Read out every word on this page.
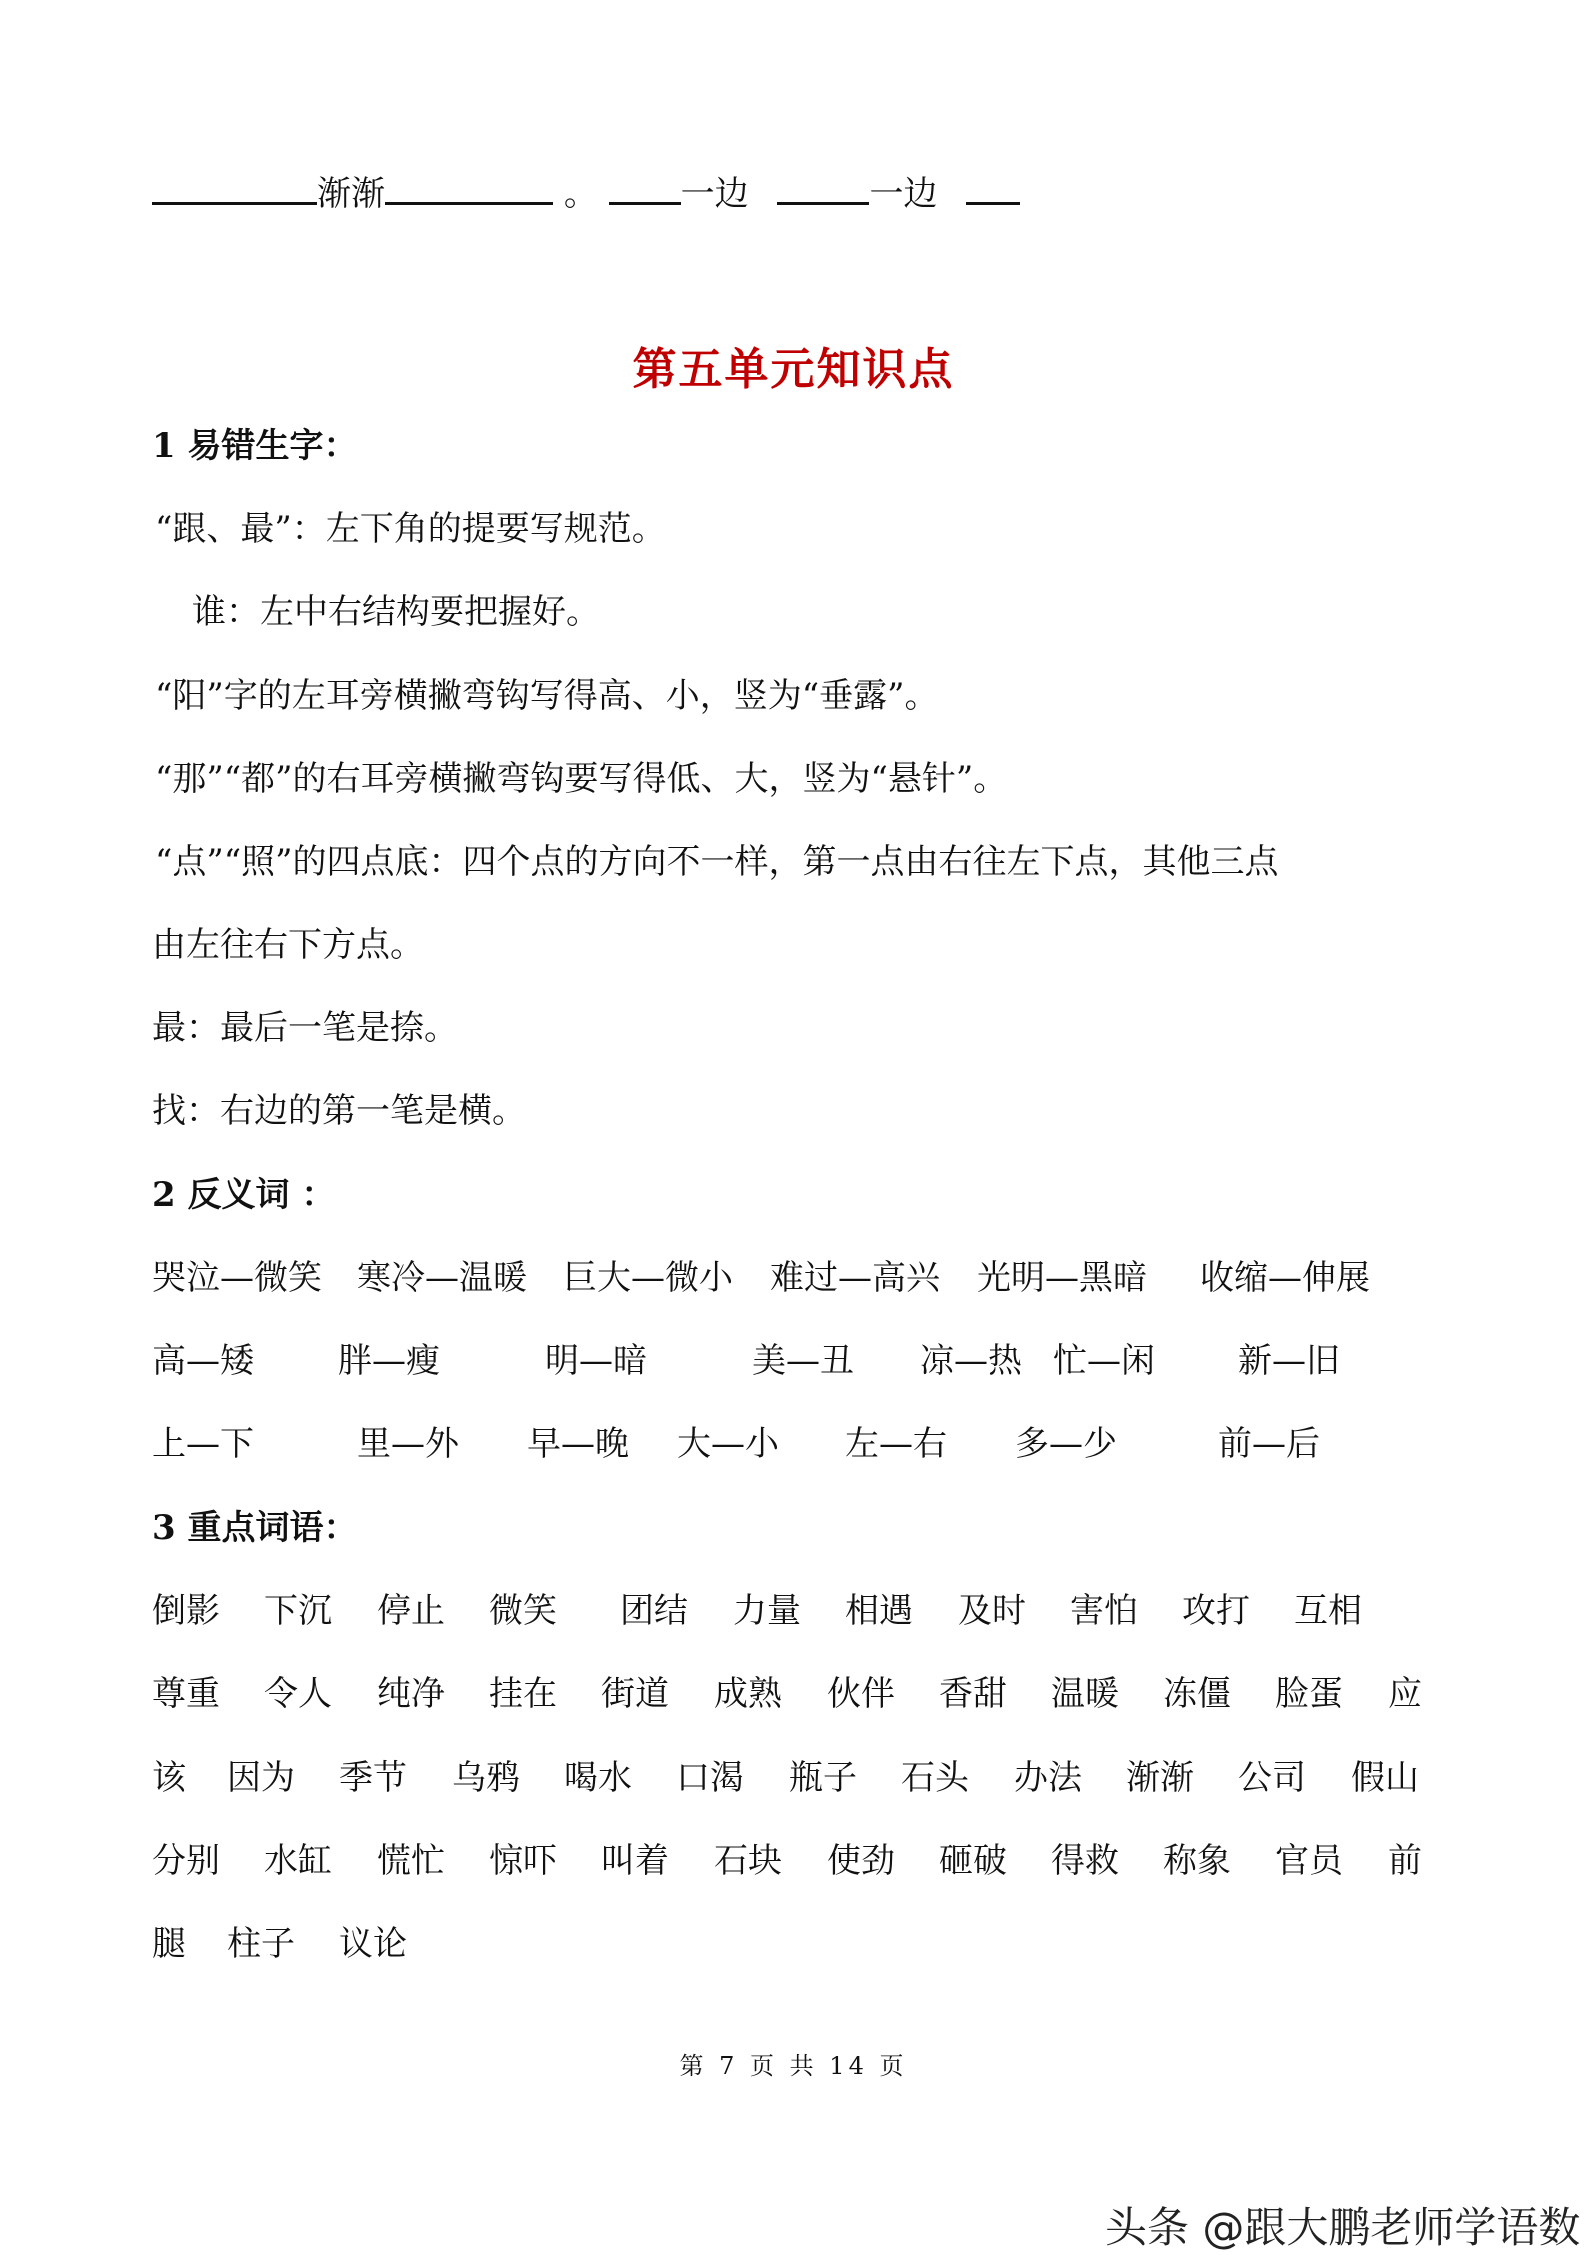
渐渐	。 一边	一边
第五单元知识点
1 易错生字：
“跟、最”：左下角的提要写规范。
谁：左中右结构要把握好。
“阳”字的左耳旁横撇弯钩写得高、小，竖为“垂露”。
“那”“都”的右耳旁横撇弯钩要写得低、大，竖为“悬针”。
“点”“照”的四点底：四个点的方向不一样，第一点由右往左下点，其他三点
由左往右下方点。
最：最后一笔是捺。
找：右边的第一笔是横。
2 反义词 ：
哭泣—微笑 寒冷—温暖 巨大—微小 难过—高兴 光明—黑暗 收缩—伸展
高—矮 胖—瘦	明—暗	美—丑 凉—热 忙—闲 新—旧
上—下	里—外 早—晚 大—小 左—右 多—少	前—后
3 重点词语：
倒影 下沉 停止 微笑 团结 力量 相遇 及时 害怕 攻打 互相
尊重 令人 纯净 挂在 街道 成熟 伙伴 香甜 温暖 冻僵 脸蛋 应
该 因为 季节 乌鸦 喝水 口渴 瓶子 石头 办法 渐渐 公司 假山
分别 水缸 慌忙 惊吓 叫着 石块 使劲 砸破 得救 称象 官员 前
腿 柱子 议论
第 7 页 共 14 页
头条 @跟大鹏老师学语数
